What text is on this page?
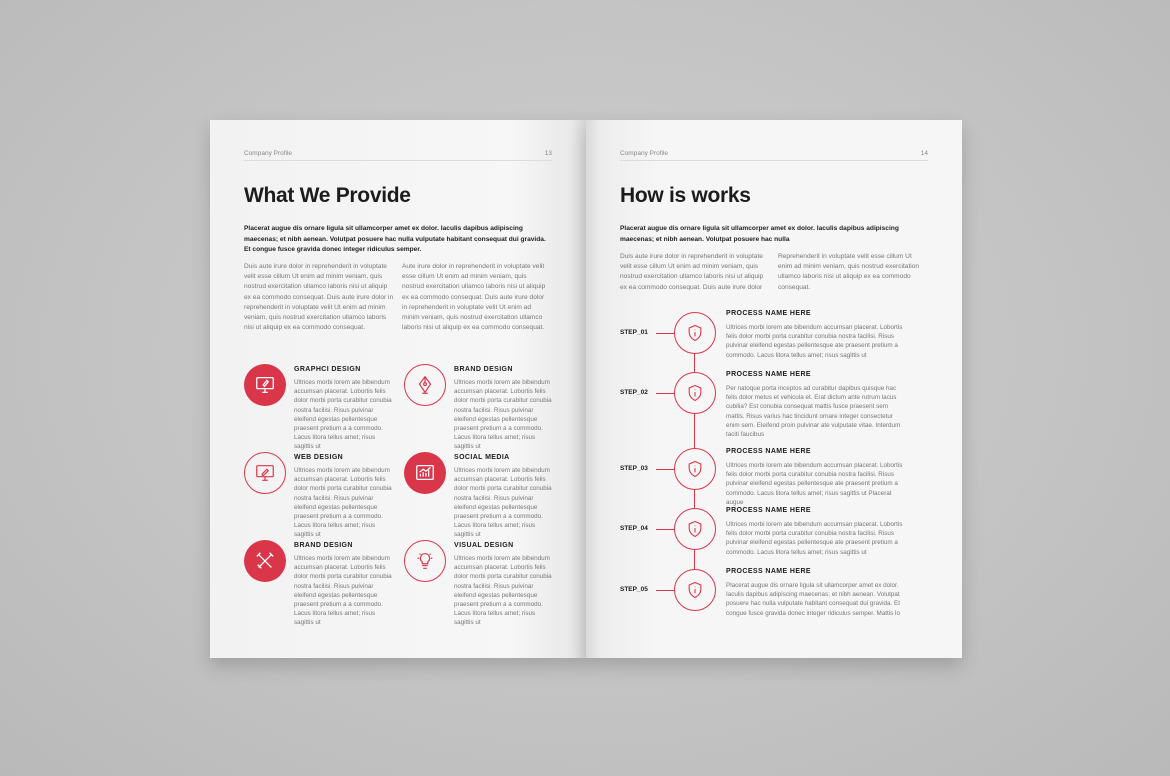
Company Profile	13
What We Provide
Placerat augue dis ornare ligula sit ullamcorper amet ex dolor. Iaculis dapibus adipiscing maecenas; et nibh aenean. Volutpat posuere hac nulla vulputate habitant consequat dui gravida. Et congue fusce gravida donec integer ridiculus semper.
Duis aute irure dolor in reprehenderit in voluptate velit esse cillum Ut enim ad minim veniam, quis nostrud exercitation ullamco laboris nisi ut aliquip ex ea commodo consequat. Duis aute irure dolor in reprehenderit in voluptate velit Ut enim ad minim veniam, quis nostrud exercitation ullamco laboris nisi ut aliquip ex ea commodo consequat.
Aute irure dolor in reprehenderit in voluptate velit esse cillum Ut enim ad minim veniam, quis nostrud exercitation ullamco laboris nisi ut aliquip ex ea commodo consequat. Duis aute irure dolor in reprehenderit in voluptate velit Ut enim ad minim veniam, quis nostrud exercitation ullamco laboris nisi ut aliquip ex ea commodo consequat.
GRAPHCI DESIGN
Ultrices morbi lorem ate bibendum accumsan placerat. Lobortis felis dolor morbi porta curabitur conubia nostra facilisi. Risus pulvinar eleifend egestas pellentesque praesent pretium a a commodo. Lacus litora tellus amet; risus sagittis ut
BRAND DESIGN
Ultrices morbi lorem ate bibendum accumsan placerat. Lobortis felis dolor morbi porta curabitur conubia nostra facilisi. Risus pulvinar eleifend egestas pellentesque praesent pretium a a commodo. Lacus litora tellus amet; risus sagittis ut
WEB DESIGN
Ultrices morbi lorem ate bibendum accumsan placerat. Lobortis felis dolor morbi porta curabitur conubia nostra facilisi. Risus pulvinar eleifend egestas pellentesque praesent pretium a a commodo. Lacus litora tellus amet; risus sagittis ut
SOCIAL MEDIA
Ultrices morbi lorem ate bibendum accumsan placerat. Lobortis felis dolor morbi porta curabitur conubia nostra facilisi. Risus pulvinar eleifend egestas pellentesque praesent pretium a a commodo. Lacus litora tellus amet; risus sagittis ut
BRAND DESIGN
Ultrices morbi lorem ate bibendum accumsan placerat. Lobortis felis dolor morbi porta curabitur conubia nostra facilisi. Risus pulvinar eleifend egestas pellentesque praesent pretium a a commodo. Lacus litora tellus amet; risus sagittis ut
VISUAL DESIGN
Ultrices morbi lorem ate bibendum accumsan placerat. Lobortis felis dolor morbi porta curabitur conubia nostra facilisi. Risus pulvinar eleifend egestas pellentesque praesent pretium a a commodo. Lacus litora tellus amet; risus sagittis ut
Company Profile	14
How is works
Placerat augue dis ornare ligula sit ullamcorper amet ex dolor. Iaculis dapibus adipiscing maecenas; et nibh aenean. Volutpat posuere hac nulla
Duis aute irure dolor in reprehenderit in voluptate velit esse cillum Ut enim ad minim veniam, quis nostrud exercitation ullamco laboris nisi ut aliquip ex ea commodo consequat. Duis aute irure dolor
Reprehenderit in voluptate velit esse cillum Ut enim ad minim veniam, quis nostrud exercitation ullamco laboris nisi ut aliquip ex ea commodo consequat.
STEP_01
PROCESS NAME HERE
Ultrices morbi lorem ate bibendum accumsan placerat. Lobortis felis dolor morbi porta curabitur conubia nostra facilisi. Risus pulvinar eleifend egestas pellentesque ate praesent pretium a commodo. Lacus litora tellus amet; risus sagittis ut
STEP_02
PROCESS NAME HERE
Per natoque porta inceptos ad curabitur dapibus quisque hac felis dolor metus et vehicula et. Erat dictum ante rutrum lacus cubilia? Est conubia consequat mattis fusce praesent sem mattis. Risus varius hac tincidunt ornare integer consectetur enim sem. Eleifend proin pulvinar ate vulputate vitae. Interdum taciti faucibus
STEP_03
PROCESS NAME HERE
Ultrices morbi lorem ate bibendum accumsan placerat. Lobortis felis dolor morbi porta curabitur conubia nostra facilisi. Risus pulvinar eleifend egestas pellentesque ate praesent pretium a commodo. Lacus litora tellus amet; risus sagittis ut Placerat augue
STEP_04
PROCESS NAME HERE
Ultrices morbi lorem ate bibendum accumsan placerat. Lobortis felis dolor morbi porta curabitur conubia nostra facilisi. Risus pulvinar eleifend egestas pellentesque ate praesent pretium a commodo. Lacus litora tellus amet; risus sagittis ut
STEP_05
PROCESS NAME HERE
Placerat augue dis ornare ligula sit ullamcorper amet ex dolor. Iaculis dapibus adipiscing maecenas; et nibh aenean. Volutpat posuere hac nulla vulputate habitant consequat dui gravida. Et congue fusce gravida donec integer ridiculus semper. Mattis lo
